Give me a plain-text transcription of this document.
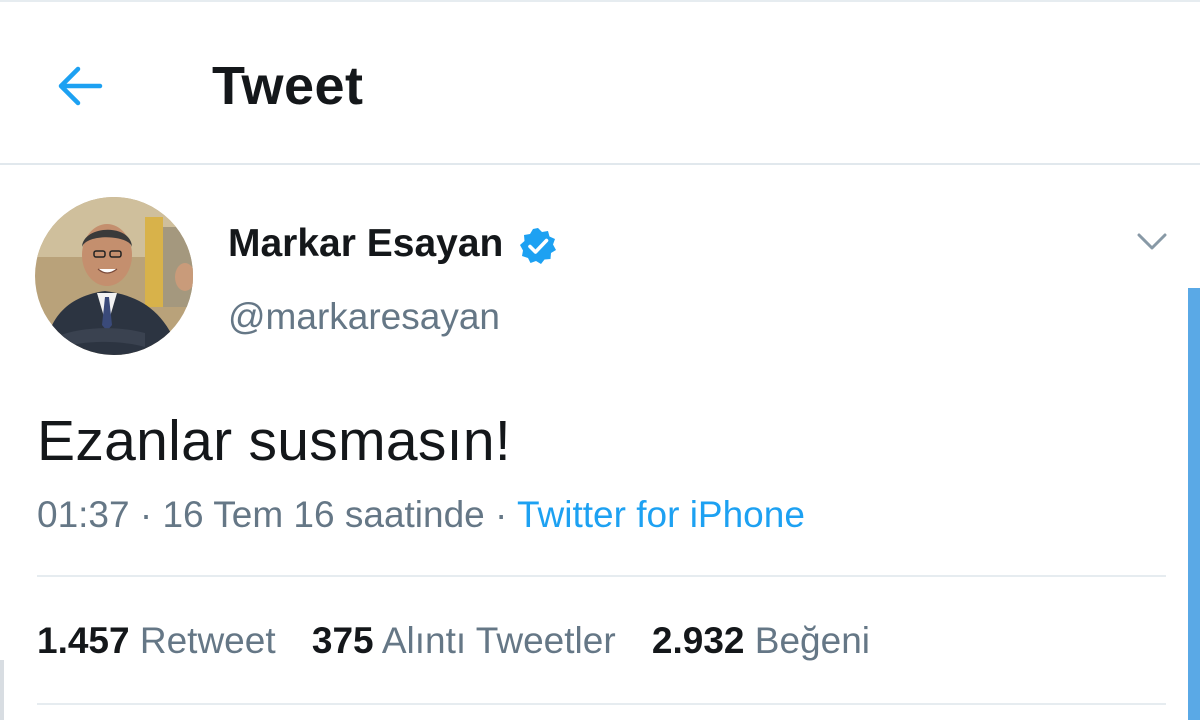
Tweet
Markar Esayan
@markaresayan
Ezanlar susmasın!
01:37 · 16 Tem 16 saatinde · Twitter for iPhone
1.457 Retweet 375 Alıntı Tweetler 2.932 Beğeni
